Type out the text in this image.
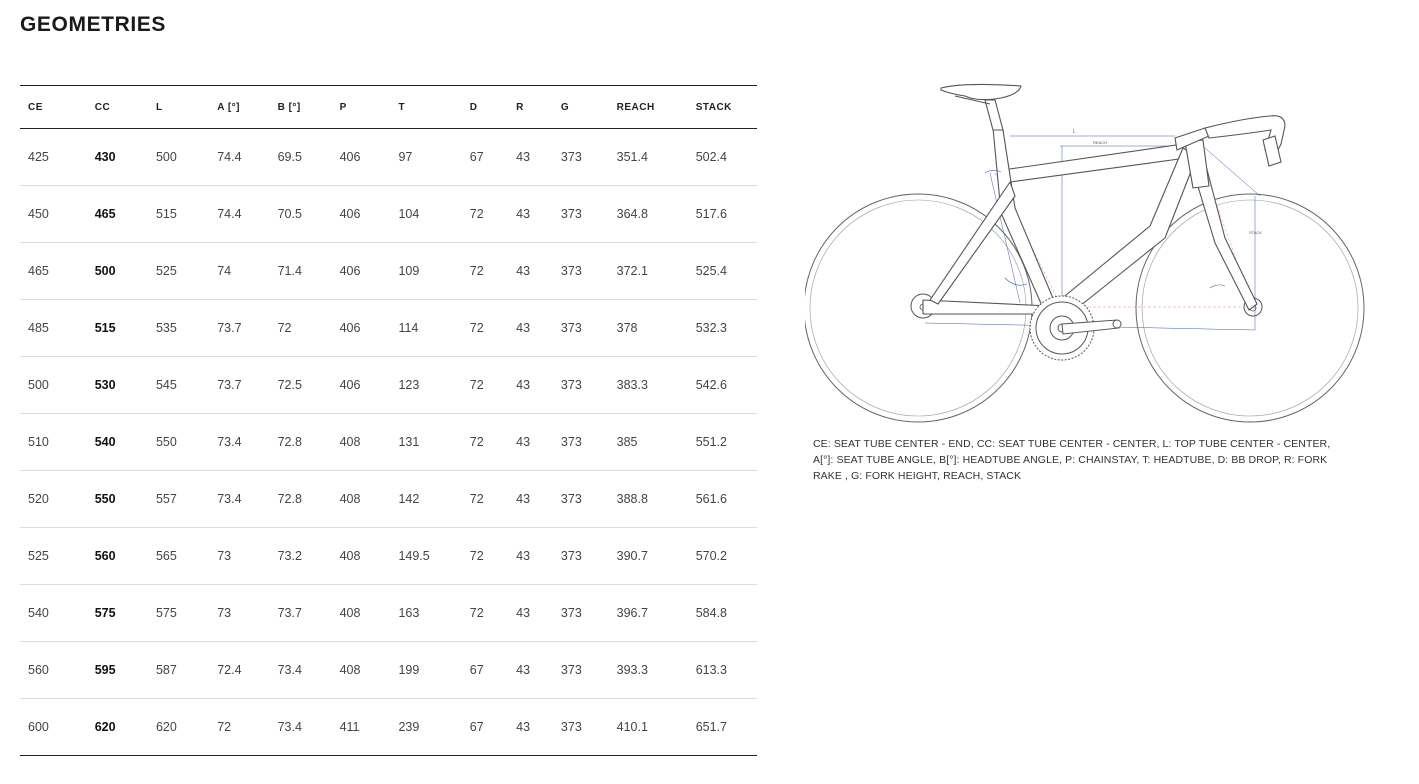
GEOMETRIES
CE	CC	L	A [°]	B [°]	P	T	D	R	G	REACH	STACK
425	430	500	74.4	69.5	406	97	67	43	373	351.4	502.4
450	465	515	74.4	70.5	406	104	72	43	373	364.8	517.6
465	500	525	74	71.4	406	109	72	43	373	372.1	525.4
485	515	535	73.7	72	406	114	72	43	373	378	532.3
500	530	545	73.7	72.5	406	123	72	43	373	383.3	542.6
510	540	550	73.4	72.8	408	131	72	43	373	385	551.2
520	550	557	73.4	72.8	408	142	72	43	373	388.8	561.6
525	560	565	73	73.2	408	149.5	72	43	373	390.7	570.2
540	575	575	73	73.7	408	163	72	43	373	396.7	584.8
560	595	587	72.4	73.4	408	199	67	43	373	393.3	613.3
600	620	620	72	73.4	411	239	67	43	373	410.1	651.7
L
REACH
STACK
CE: SEAT TUBE CENTER - END, CC: SEAT TUBE CENTER - CENTER, L: TOP TUBE CENTER - CENTER, A[°]: SEAT TUBE ANGLE, B[°]: HEADTUBE ANGLE, P: CHAINSTAY, T: HEADTUBE, D: BB DROP, R: FORK RAKE , G: FORK HEIGHT, REACH, STACK
